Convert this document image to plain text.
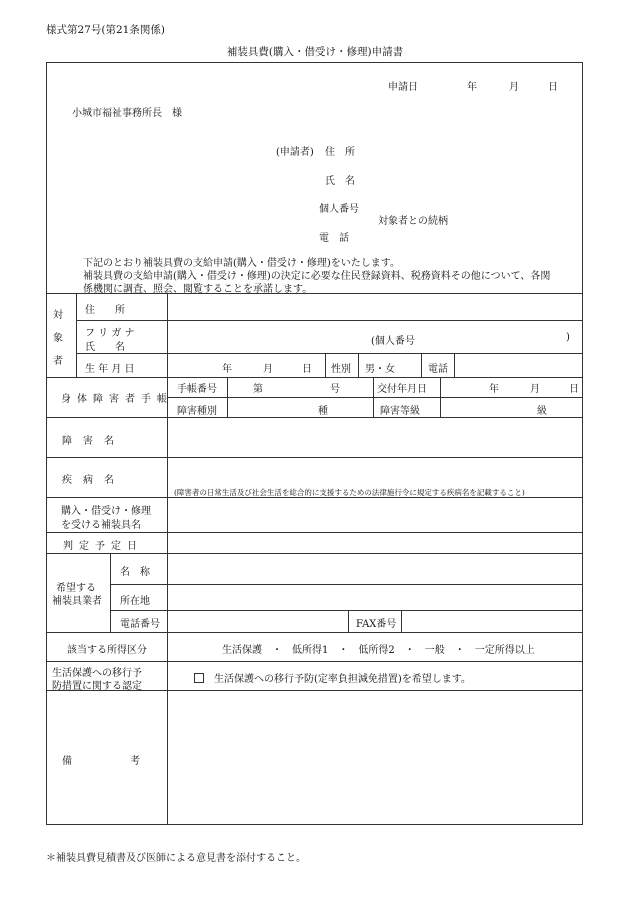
様式第27号(第21条関係)
補装具費(購入・借受け・修理)申請書
申請日	年	月	日
小城市福祉事務所長　様
(申請者) 住　所
氏　名
個人番号
対象者との続柄
電　話
下記のとおり補装具費の支給申請(購入・借受け・修理)をいたします。
補装具費の支給申請(購入・借受け・修理)の決定に必要な住民登録資料、税務資料その他について、各関
係機関に調査、照会、閲覧することを承諾します。
対
象
者
住　　所
フ リ ガ ナ
氏　　名
(個人番号	)
生 年 月 日	年	月	日 性別 男・女	電話
身体障害者手帳
手帳番号	第	号	交付年月日	年	月	日
障害種別	種	障害等級	級
障害名
疾病名
(障害者の日常生活及び社会生活を総合的に支援するための法律施行令に規定する疾病名を記載すること)
購入・借受け・修理
を受ける補装具名
判定予定日
希望する
補装具業者
名　称
所在地
電話番号	FAX番号
該当する所得区分	生活保護　・　低所得1　・　低所得2　・　一般　・　一定所得以上
生活保護への移行予
防措置に関する認定
生活保護への移行予防(定率負担減免措置)を希望します。
備考
＊補装具費見積書及び医師による意見書を添付すること。
